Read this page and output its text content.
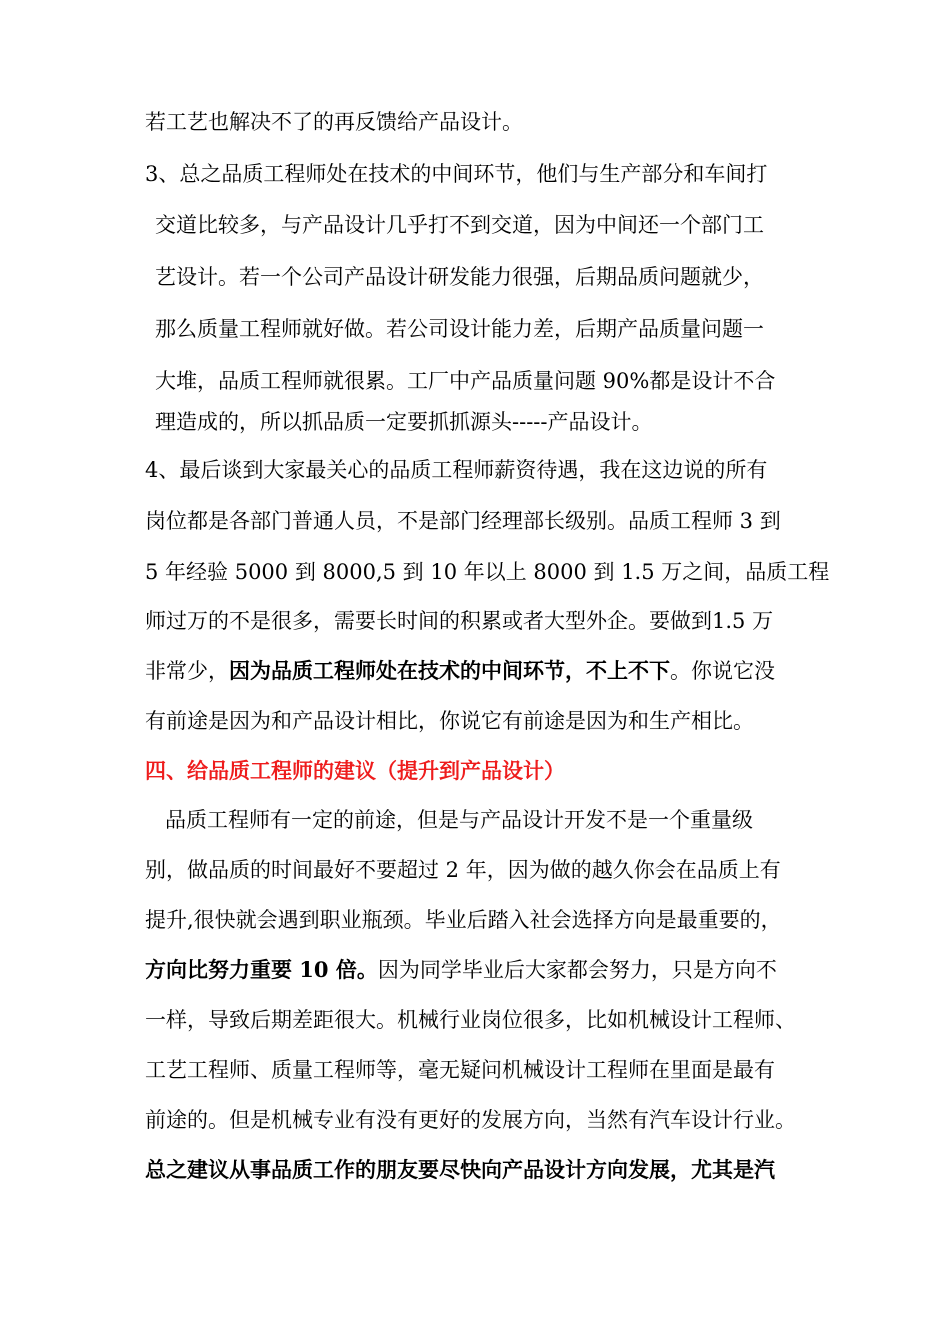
若工艺也解决不了的再反馈给产品设计。
3、总之品质工程师处在技术的中间环节，他们与生产部分和车间打
交道比较多，与产品设计几乎打不到交道，因为中间还一个部门工
艺设计。若一个公司产品设计研发能力很强，后期品质问题就少，
那么质量工程师就好做。若公司设计能力差，后期产品质量问题一
大堆，品质工程师就很累。工厂中产品质量问题 90%都是设计不合
理造成的，所以抓品质一定要抓抓源头-----产品设计。
4、最后谈到大家最关心的品质工程师薪资待遇，我在这边说的所有
岗位都是各部门普通人员，不是部门经理部长级别。品质工程师 3 到
5 年经验 5000 到 8000,5 到 10 年以上 8000 到 1.5 万之间，品质工程
师过万的不是很多，需要长时间的积累或者大型外企。要做到1.5 万
非常少，因为品质工程师处在技术的中间环节，不上不下。你说它没
有前途是因为和产品设计相比，你说它有前途是因为和生产相比。
四、给品质工程师的建议（提升到产品设计）
品质工程师有一定的前途，但是与产品设计开发不是一个重量级
别，做品质的时间最好不要超过 2 年，因为做的越久你会在品质上有
提升,很快就会遇到职业瓶颈。毕业后踏入社会选择方向是最重要的，
方向比努力重要 10 倍。因为同学毕业后大家都会努力，只是方向不
一样，导致后期差距很大。机械行业岗位很多，比如机械设计工程师、
工艺工程师、质量工程师等，毫无疑问机械设计工程师在里面是最有
前途的。但是机械专业有没有更好的发展方向，当然有汽车设计行业。
总之建议从事品质工作的朋友要尽快向产品设计方向发展，尤其是汽
